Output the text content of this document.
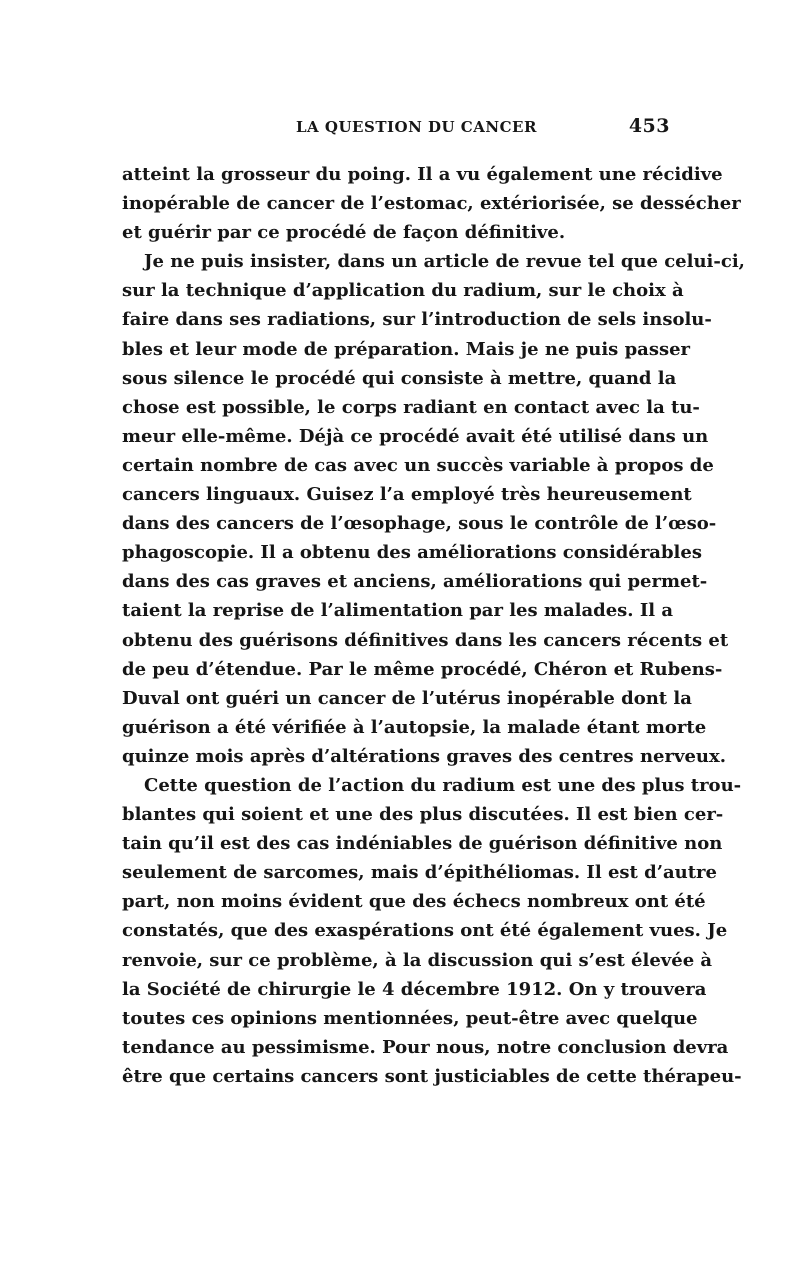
LA QUESTION DU CANCER	453
atteint la grosseur du poing. Il a vu également une récidive
inopérable de cancer de l’estomac, extériorisée, se dessécher
et guérir par ce procédé de façon définitive.
Je ne puis insister, dans un article de revue tel que celui-ci,
sur la technique d’application du radium, sur le choix à
faire dans ses radiations, sur l’introduction de sels insolu-
bles et leur mode de préparation. Mais je ne puis passer
sous silence le procédé qui consiste à mettre, quand la
chose est possible, le corps radiant en contact avec la tu-
meur elle-même. Déjà ce procédé avait été utilisé dans un
certain nombre de cas avec un succès variable à propos de
cancers linguaux. Guisez l’a employé très heureusement
dans des cancers de l’œsophage, sous le contrôle de l’œso-
phagoscopie. Il a obtenu des améliorations considérables
dans des cas graves et anciens, améliorations qui permet-
taient la reprise de l’alimentation par les malades. Il a
obtenu des guérisons définitives dans les cancers récents et
de peu d’étendue. Par le même procédé, Chéron et Rubens-
Duval ont guéri un cancer de l’utérus inopérable dont la
guérison a été vérifiée à l’autopsie, la malade étant morte
quinze mois après d’altérations graves des centres nerveux.
Cette question de l’action du radium est une des plus trou-
blantes qui soient et une des plus discutées. Il est bien cer-
tain qu’il est des cas indéniables de guérison définitive non
seulement de sarcomes, mais d’épithéliomas. Il est d’autre
part, non moins évident que des échecs nombreux ont été
constatés, que des exaspérations ont été également vues. Je
renvoie, sur ce problème, à la discussion qui s’est élevée à
la Société de chirurgie le 4 décembre 1912. On y trouvera
toutes ces opinions mentionnées, peut-être avec quelque
tendance au pessimisme. Pour nous, notre conclusion devra
être que certains cancers sont justiciables de cette thérapeu-
